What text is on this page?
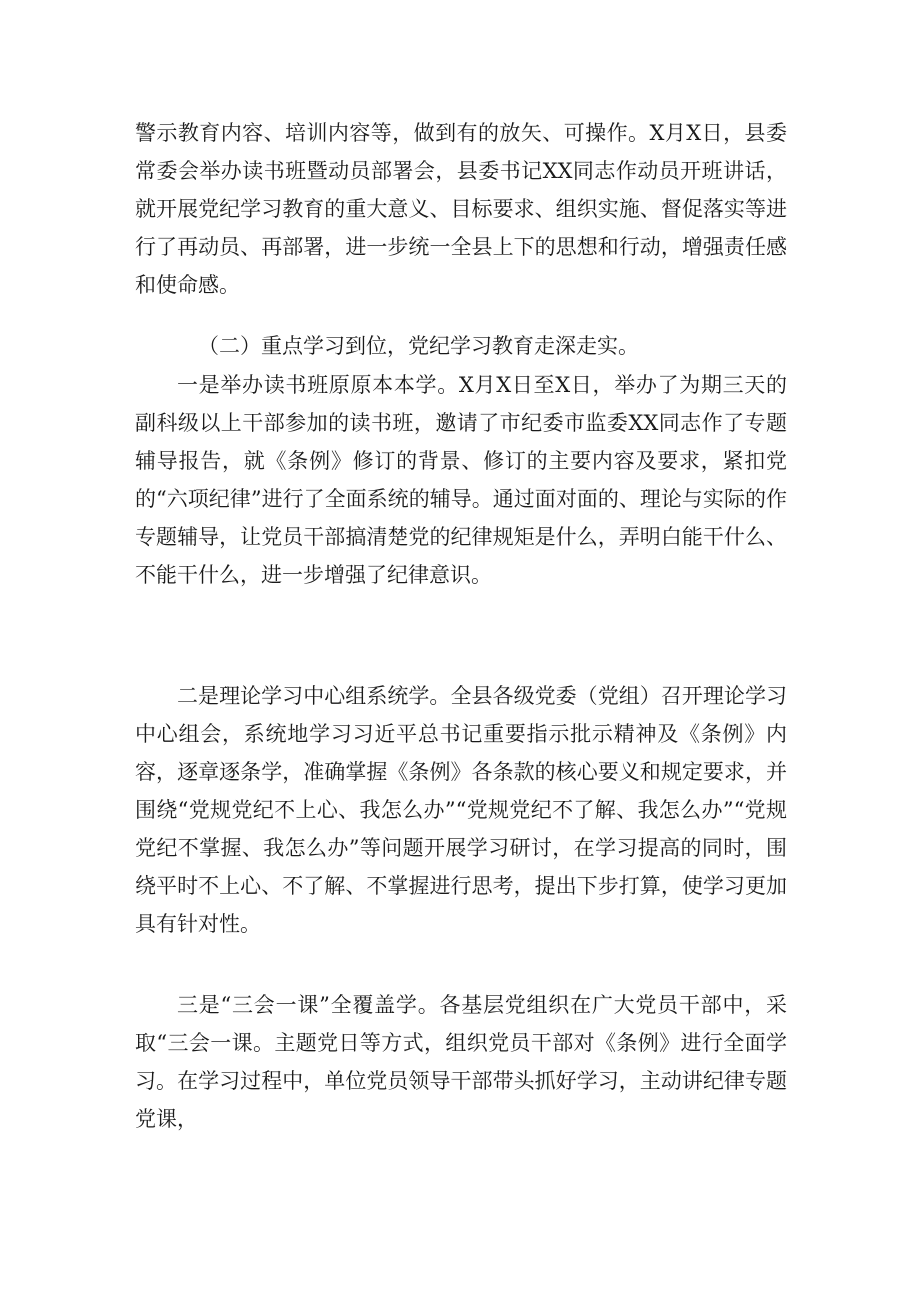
警示教育内容、培训内容等，做到有的放矢、可操作。X月X日，县委常委会举办读书班暨动员部署会，县委书记XX同志作动员开班讲话，就开展党纪学习教育的重大意义、目标要求、组织实施、督促落实等进行了再动员、再部署，进一步统一全县上下的思想和行动，增强责任感和使命感。

（二）重点学习到位，党纪学习教育走深走实。

一是举办读书班原原本本学。X月X日至X日，举办了为期三天的副科级以上干部参加的读书班，邀请了市纪委市监委XX同志作了专题辅导报告，就《条例》修订的背景、修订的主要内容及要求，紧扣党的“六项纪律”进行了全面系统的辅导。通过面对面的、理论与实际的作专题辅导，让党员干部搞清楚党的纪律规矩是什么，弄明白能干什么、不能干什么，进一步增强了纪律意识。

二是理论学习中心组系统学。全县各级党委（党组）召开理论学习中心组会，系统地学习习近平总书记重要指示批示精神及《条例》内容，逐章逐条学，准确掌握《条例》各条款的核心要义和规定要求，并围绕“党规党纪不上心、我怎么办”“党规党纪不了解、我怎么办”“党规党纪不掌握、我怎么办”等问题开展学习研讨，在学习提高的同时，围绕平时不上心、不了解、不掌握进行思考，提出下步打算，使学习更加具有针对性。

三是“三会一课”全覆盖学。各基层党组织在广大党员干部中，采取“三会一课。主题党日等方式，组织党员干部对《条例》进行全面学习。在学习过程中，单位党员领导干部带头抓好学习，主动讲纪律专题党课，
